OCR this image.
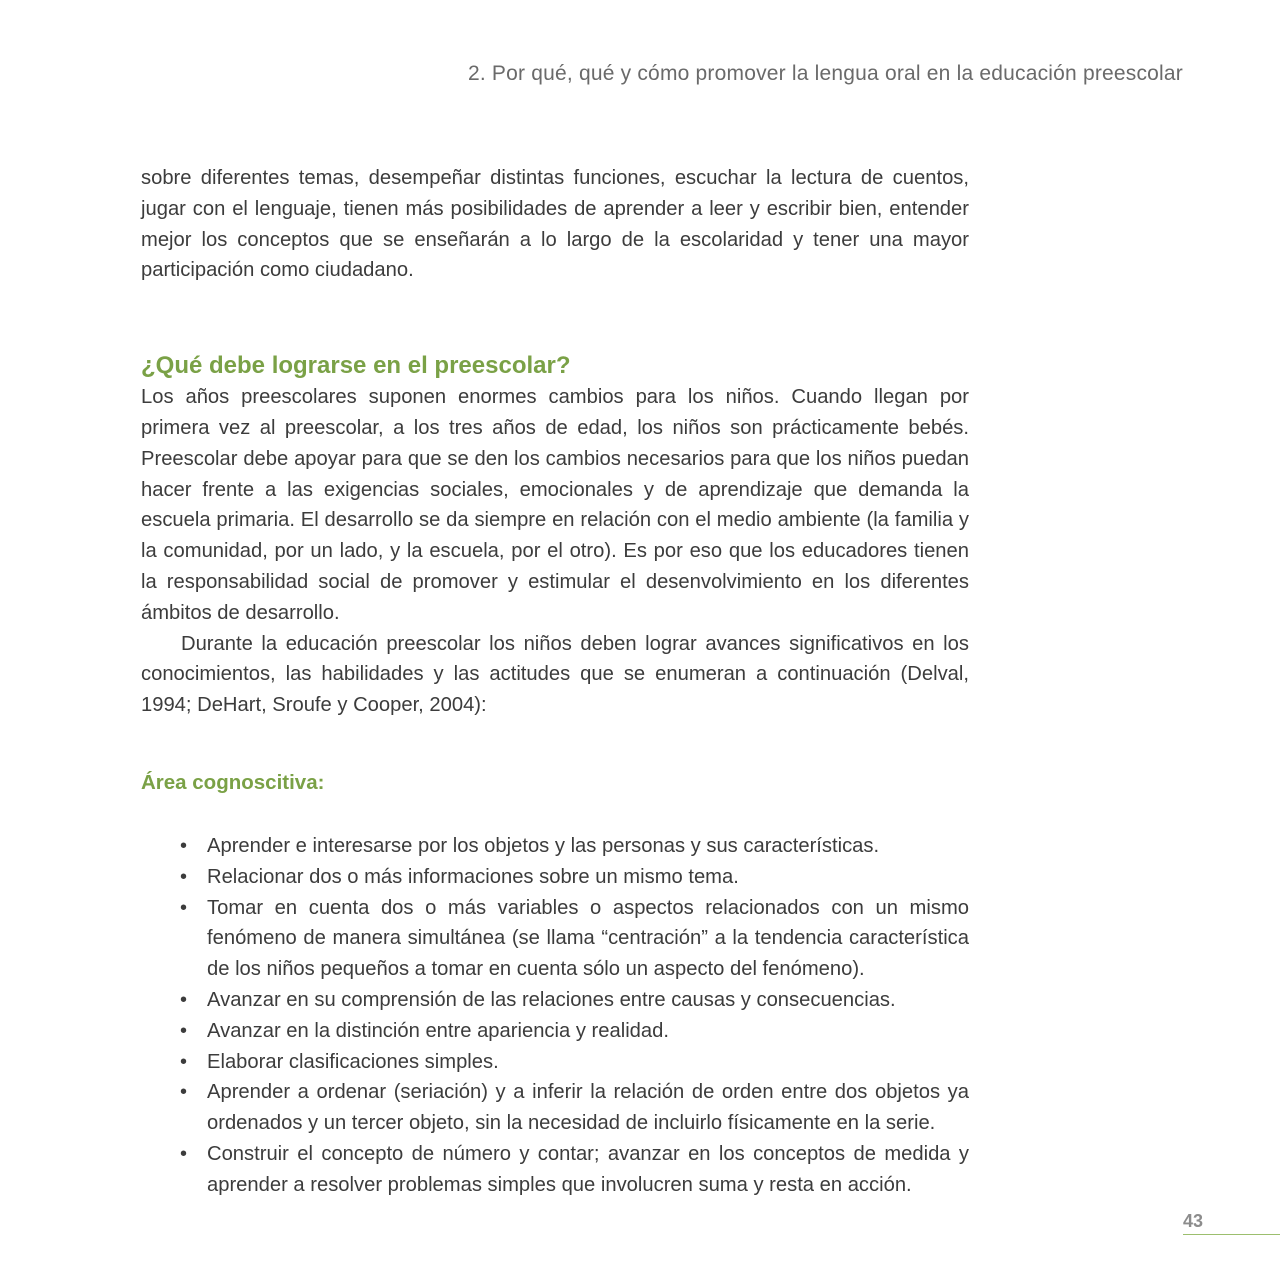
2. Por qué, qué y cómo promover la lengua oral en la educación preescolar

sobre diferentes temas, desempeñar distintas funciones, escuchar la lectura de cuentos, jugar con el lenguaje, tienen más posibilidades de aprender a leer y escribir bien, entender mejor los conceptos que se enseñarán a lo largo de la escolaridad y tener una mayor participación como ciudadano.

¿Qué debe lograrse en el preescolar?

Los años preescolares suponen enormes cambios para los niños. Cuando llegan por primera vez al preescolar, a los tres años de edad, los niños son prácticamente bebés. Preescolar debe apoyar para que se den los cambios necesarios para que los niños puedan hacer frente a las exigencias sociales, emocionales y de aprendizaje que demanda la escuela primaria. El desarrollo se da siempre en relación con el medio ambiente (la familia y la comunidad, por un lado, y la escuela, por el otro). Es por eso que los educadores tienen la responsabilidad social de promover y estimular el desenvolvimiento en los diferentes ámbitos de desarrollo.

Durante la educación preescolar los niños deben lograr avances significativos en los conocimientos, las habilidades y las actitudes que se enumeran a continuación (Delval, 1994; DeHart, Sroufe y Cooper, 2004):

Área cognoscitiva:
• Aprender e interesarse por los objetos y las personas y sus características.
• Relacionar dos o más informaciones sobre un mismo tema.
• Tomar en cuenta dos o más variables o aspectos relacionados con un mismo fenómeno de manera simultánea (se llama “centración” a la tendencia característica de los niños pequeños a tomar en cuenta sólo un aspecto del fenómeno).
• Avanzar en su comprensión de las relaciones entre causas y consecuencias.
• Avanzar en la distinción entre apariencia y realidad.
• Elaborar clasificaciones simples.
• Aprender a ordenar (seriación) y a inferir la relación de orden entre dos objetos ya ordenados y un tercer objeto, sin la necesidad de incluirlo físicamente en la serie.
• Construir el concepto de número y contar; avanzar en los conceptos de medida y aprender a resolver problemas simples que involucren suma y resta en acción.
43
